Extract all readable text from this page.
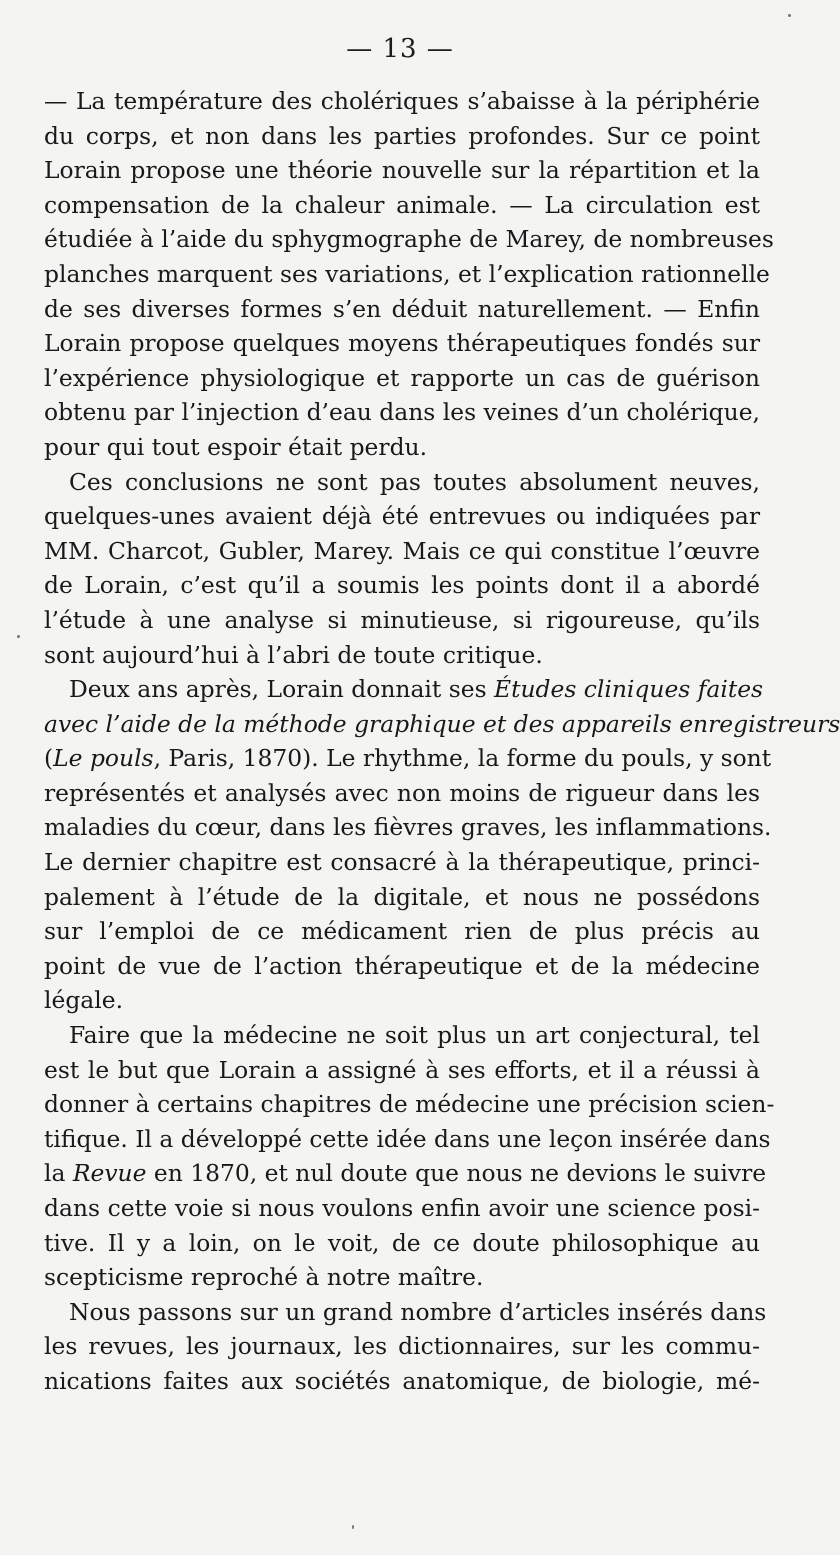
— 13 —
— La température des cholériques s’abaisse à la périphérie
du corps, et non dans les parties profondes. Sur ce point
Lorain propose une théorie nouvelle sur la répartition et la
compensation de la chaleur animale. — La circulation est
étudiée à l’aide du sphygmographe de Marey, de nombreuses
planches marquent ses variations, et l’explication rationnelle
de ses diverses formes s’en déduit naturellement. — Enfin
Lorain propose quelques moyens thérapeutiques fondés sur
l’expérience physiologique et rapporte un cas de guérison
obtenu par l’injection d’eau dans les veines d’un cholérique,
pour qui tout espoir était perdu.
Ces conclusions ne sont pas toutes absolument neuves,
quelques-unes avaient déjà été entrevues ou indiquées par
MM. Charcot, Gubler, Marey. Mais ce qui constitue l’œuvre
de Lorain, c’est qu’il a soumis les points dont il a abordé
l’étude à une analyse si minutieuse, si rigoureuse, qu’ils
sont aujourd’hui à l’abri de toute critique.
Deux ans après, Lorain donnait ses Études cliniques faites
avec l’aide de la méthode graphique et des appareils enregistreurs
(Le pouls, Paris, 1870). Le rhythme, la forme du pouls, y sont
représentés et analysés avec non moins de rigueur dans les
maladies du cœur, dans les fièvres graves, les inflammations.
Le dernier chapitre est consacré à la thérapeutique, princi-
palement à l’étude de la digitale, et nous ne possédons
sur l’emploi de ce médicament rien de plus précis au
point de vue de l’action thérapeutique et de la médecine
légale.
Faire que la médecine ne soit plus un art conjectural, tel
est le but que Lorain a assigné à ses efforts, et il a réussi à
donner à certains chapitres de médecine une précision scien-
tifique. Il a développé cette idée dans une leçon insérée dans
la Revue en 1870, et nul doute que nous ne devions le suivre
dans cette voie si nous voulons enfin avoir une science posi-
tive. Il y a loin, on le voit, de ce doute philosophique au
scepticisme reproché à notre maître.
Nous passons sur un grand nombre d’articles insérés dans
les revues, les journaux, les dictionnaires, sur les commu-
nications faites aux sociétés anatomique, de biologie, mé-
